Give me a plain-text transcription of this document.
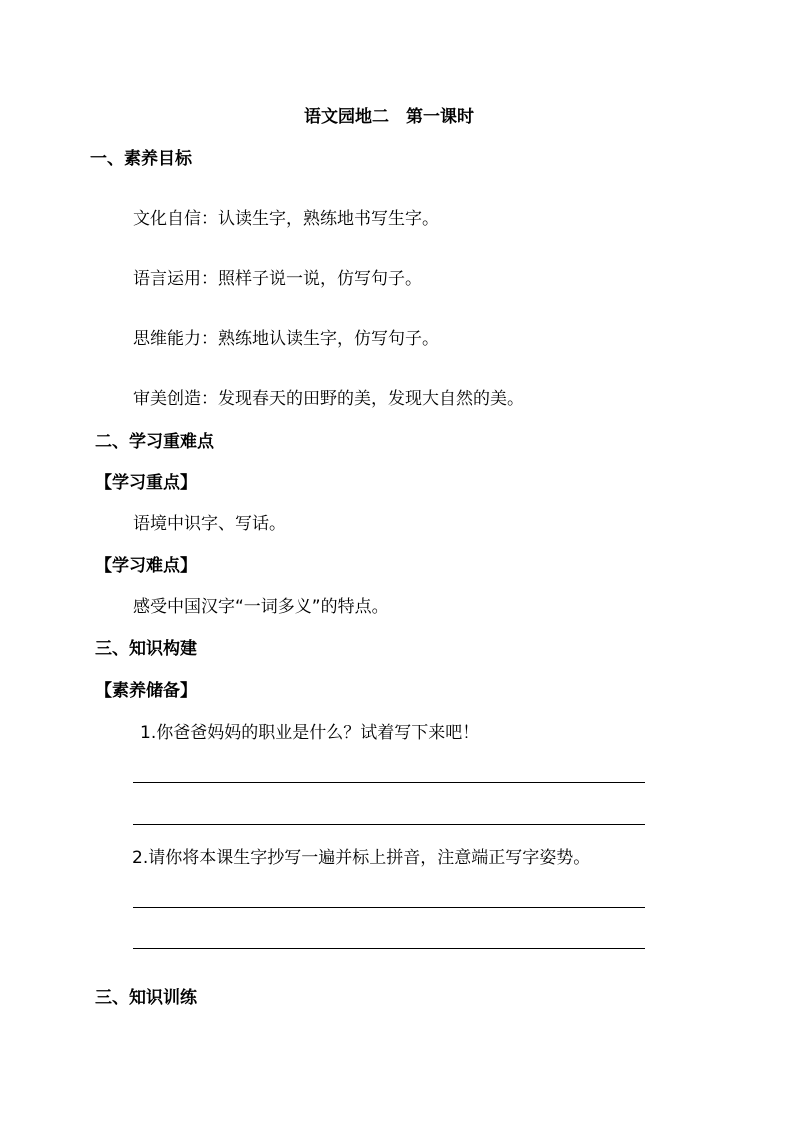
语文园地二　第一课时
一、素养目标
文化自信：认读生字，熟练地书写生字。
语言运用：照样子说一说，仿写句子。
思维能力：熟练地认读生字，仿写句子。
审美创造：发现春天的田野的美，发现大自然的美。
二、学习重难点
【学习重点】
语境中识字、写话。
【学习难点】
感受中国汉字“一词多义”的特点。
三、知识构建
【素养储备】
1.你爸爸妈妈的职业是什么？试着写下来吧！
2.请你将本课生字抄写一遍并标上拼音，注意端正写字姿势。
三、知识训练
